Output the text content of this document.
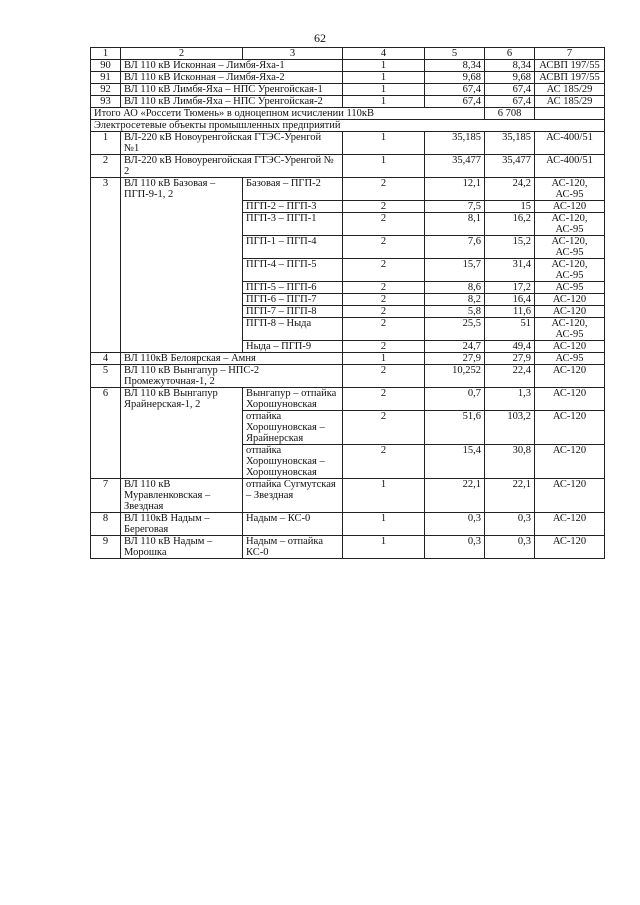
62
1	2	3	4	5	6	7
90	ВЛ 110 кВ Исконная – Лимбя-Яха-1		1	8,34	8,34	АСВП 197/55
91	ВЛ 110 кВ Исконная – Лимбя-Яха-2		1	9,68	9,68	АСВП 197/55
92	ВЛ 110 кВ Лимбя-Яха – НПС Уренгойская-1		1	67,4	67,4	АС 185/29
93	ВЛ 110 кВ Лимбя-Яха – НПС Уренгойская-2		1	67,4	67,4	АС 185/29
Итого АО «Россети Тюмень» в одноцепном исчислении 110кВ					6 708	
Электросетевые объекты промышленных предприятий						
1	ВЛ-220 кВ Новоуренгойская ГТЭС-Уренгой №1		1	35,185	35,185	АС-400/51
2	ВЛ-220 кВ Новоуренгойская ГТЭС-Уренгой № 2		1	35,477	35,477	АС-400/51
3	ВЛ 110 кВ Базовая – ПГП-9-1, 2	Базовая – ПГП-2	2	12,1	24,2	АС-120, АС-95
		ПГП-2 – ПГП-3	2	7,5	15	АС-120
		ПГП-3 – ПГП-1	2	8,1	16,2	АС-120, АС-95
		ПГП-1 – ПГП-4	2	7,6	15,2	АС-120, АС-95
		ПГП-4 – ПГП-5	2	15,7	31,4	АС-120, АС-95
		ПГП-5 – ПГП-6	2	8,6	17,2	АС-95
		ПГП-6 – ПГП-7	2	8,2	16,4	АС-120
		ПГП-7 – ПГП-8	2	5,8	11,6	АС-120
		ПГП-8 – Ныда	2	25,5	51	АС-120, АС-95
		Ныда – ПГП-9	2	24,7	49,4	АС-120
4	ВЛ 110кВ Белоярская – Амня		1	27,9	27,9	АС-95
5	ВЛ 110 кВ Вынгапур – НПС-2 Промежуточная-1, 2		2	10,252	22,4	АС-120
6	ВЛ 110 кВ Вынгапур Ярайнерская-1, 2	Вынгапур – отпайка Хорошуновская	2	0,7	1,3	АС-120
		отпайка Хорошуновская – Ярайнерская	2	51,6	103,2	АС-120
		отпайка Хорошуновская – Хорошуновская	2	15,4	30,8	АС-120
7	ВЛ 110 кВ Муравленковская – Звездная	отпайка Сугмутская – Звездная	1	22,1	22,1	АС-120
8	ВЛ 110кВ Надым – Береговая	Надым – КС-0	1	0,3	0,3	АС-120
9	ВЛ 110 кВ Надым – Морошка	Надым – отпайка КС-0	1	0,3	0,3	АС-120
